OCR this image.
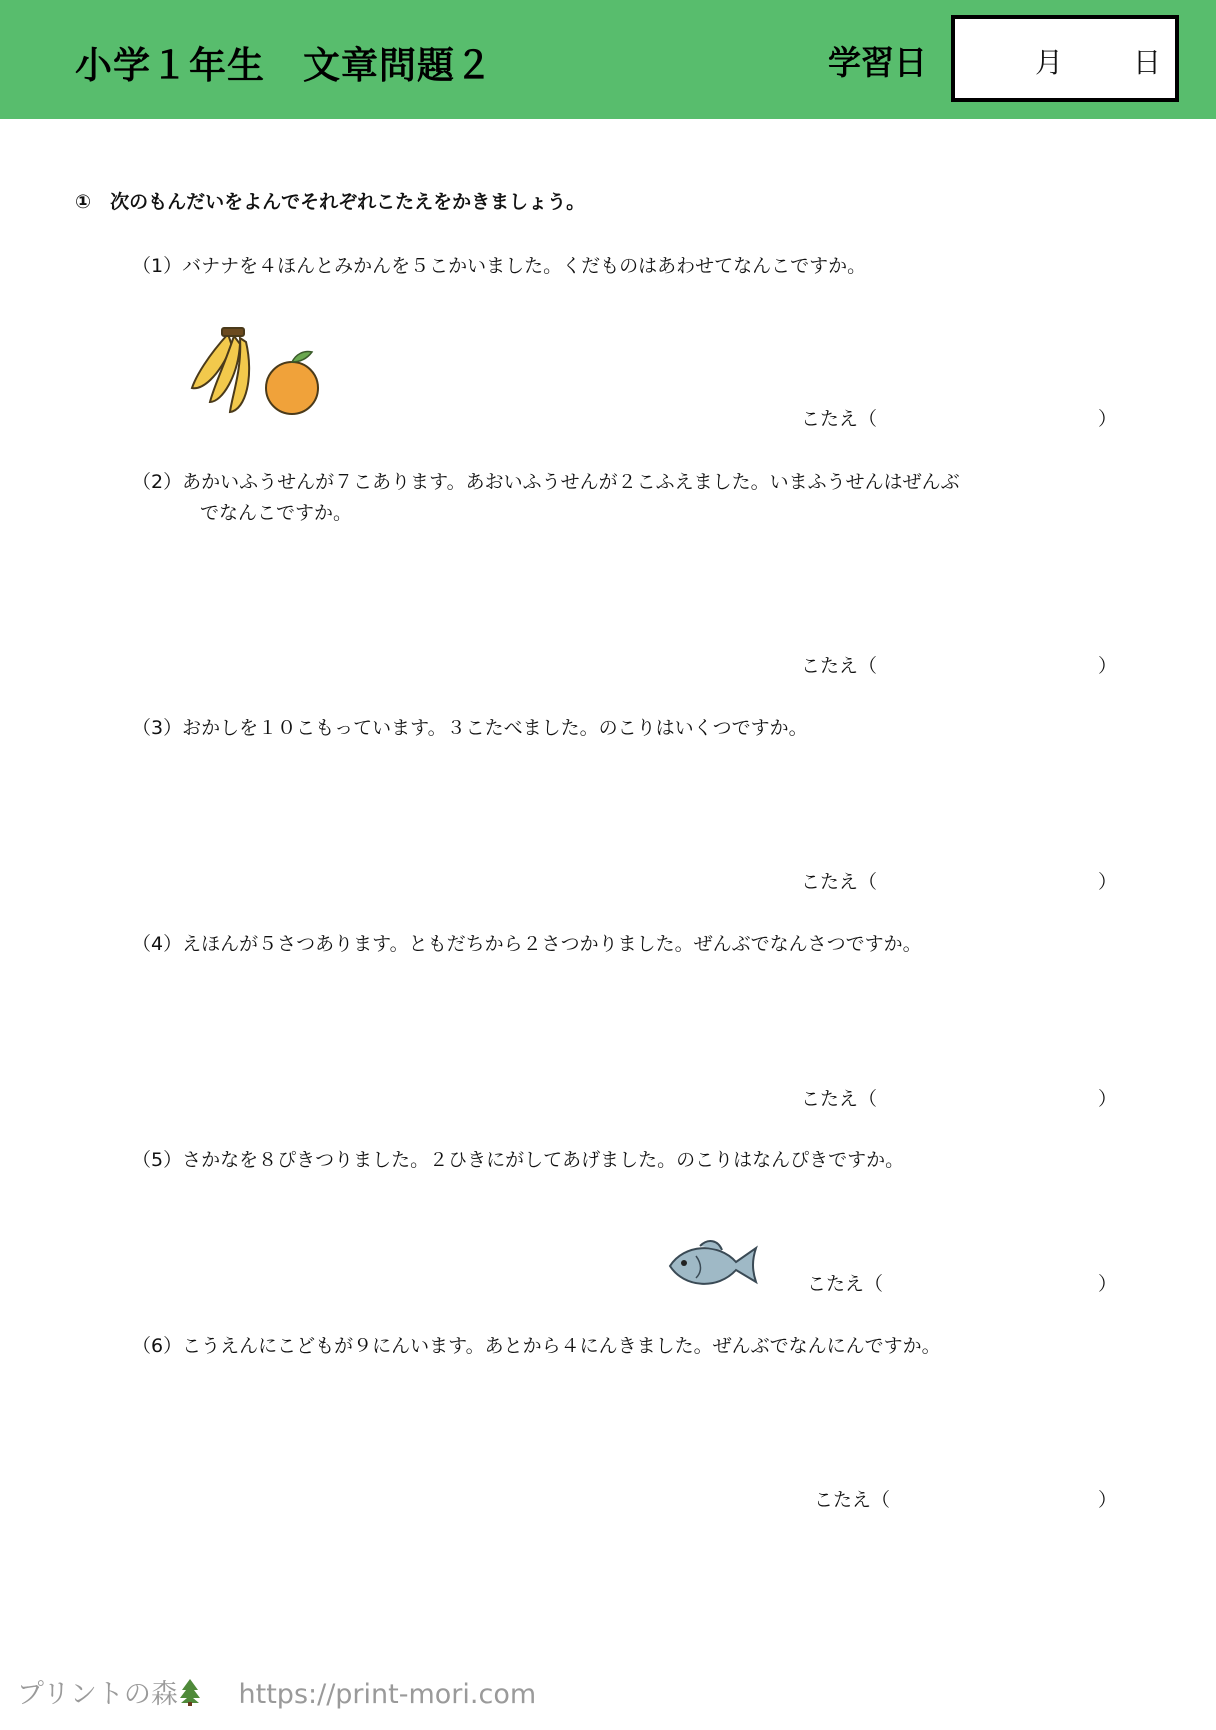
小学１年生　文章問題２	学習日	月 日
①　次のもんだいをよんでそれぞれこたえをかきましょう。
（1）バナナを４ほんとみかんを５こかいました。くだものはあわせてなんこですか。
こたえ（	）
（2）あかいふうせんが７こあります。あおいふうせんが２こふえました。いまふうせんはぜんぶ
でなんこですか。
こたえ（	）
（3）おかしを１０こもっています。３こたべました。のこりはいくつですか。
こたえ（	）
（4）えほんが５さつあります。ともだちから２さつかりました。ぜんぶでなんさつですか。
こたえ（	）
（5）さかなを８ぴきつりました。２ひきにがしてあげました。のこりはなんぴきですか。
こたえ（	）
（6）こうえんにこどもが９にんいます。あとから４にんきました。ぜんぶでなんにんですか。
こたえ（	）
プリントの森 https://print-mori.com
